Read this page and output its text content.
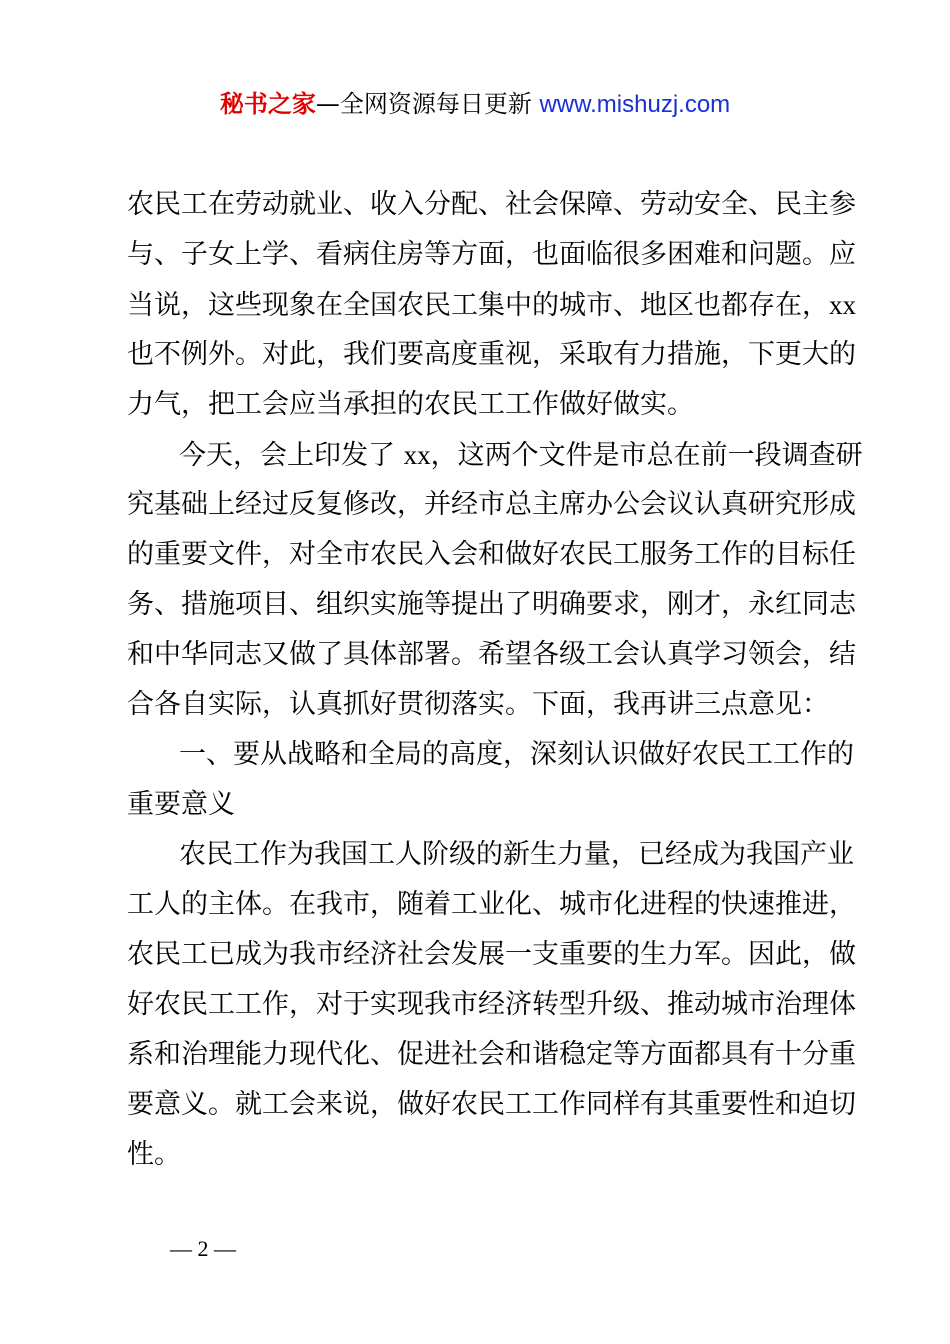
秘书之家—全网资源每日更新 www.mishuzj.com
农民工在劳动就业、收入分配、社会保障、劳动安全、民主参
与、子女上学、看病住房等方面，也面临很多困难和问题。应
当说，这些现象在全国农民工集中的城市、地区也都存在，xx
也不例外。对此，我们要高度重视，采取有力措施，下更大的
力气，把工会应当承担的农民工工作做好做实。
今天，会上印发了 xx，这两个文件是市总在前一段调查研
究基础上经过反复修改，并经市总主席办公会议认真研究形成
的重要文件，对全市农民入会和做好农民工服务工作的目标任
务、措施项目、组织实施等提出了明确要求，刚才，永红同志
和中华同志又做了具体部署。希望各级工会认真学习领会，结
合各自实际，认真抓好贯彻落实。下面，我再讲三点意见：
一、要从战略和全局的高度，深刻认识做好农民工工作的
重要意义
农民工作为我国工人阶级的新生力量，已经成为我国产业
工人的主体。在我市，随着工业化、城市化进程的快速推进，
农民工已成为我市经济社会发展一支重要的生力军。因此，做
好农民工工作，对于实现我市经济转型升级、推动城市治理体
系和治理能力现代化、促进社会和谐稳定等方面都具有十分重
要意义。就工会来说，做好农民工工作同样有其重要性和迫切
性。
— 2 —
